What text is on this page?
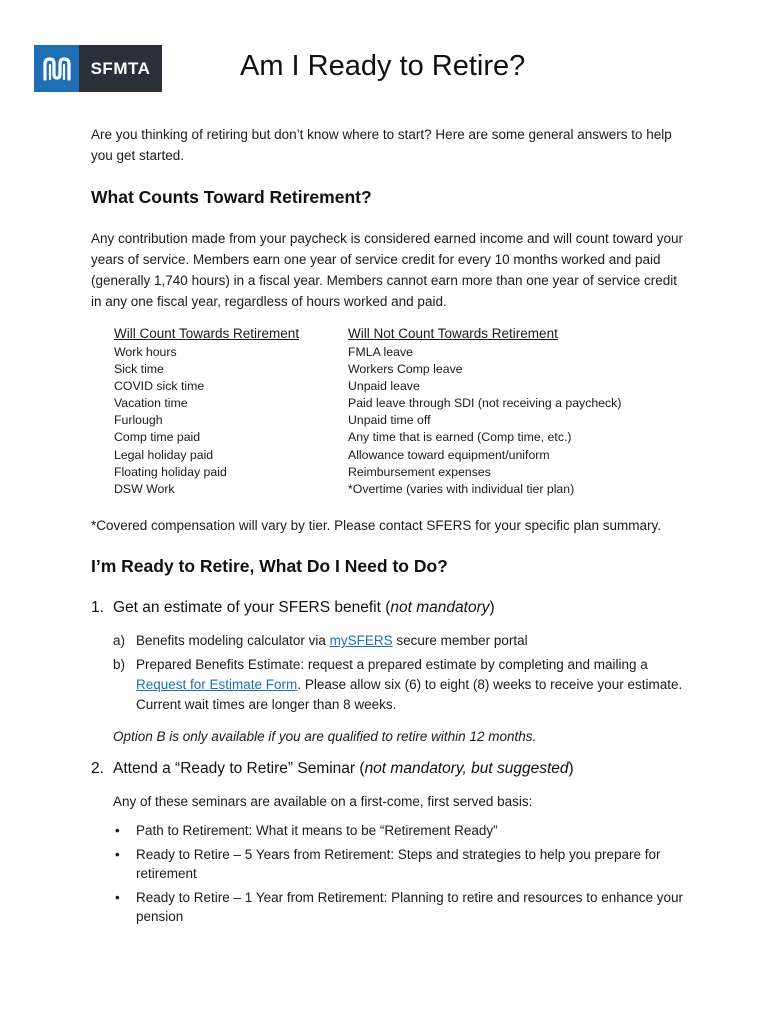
SFMTA	Am I Ready to Retire?

Are you thinking of retiring but don’t know where to start? Here are some general answers to help you get started.

What Counts Toward Retirement?

Any contribution made from your paycheck is considered earned income and will count toward your years of service. Members earn one year of service credit for every 10 months worked and paid (generally 1,740 hours) in a fiscal year. Members cannot earn more than one year of service credit in any one fiscal year, regardless of hours worked and paid.

Will Count Towards Retirement
Work hours
Sick time
COVID sick time
Vacation time
Furlough
Comp time paid
Legal holiday paid
Floating holiday paid
DSW Work
Will Not Count Towards Retirement
FMLA leave
Workers Comp leave
Unpaid leave
Paid leave through SDI (not receiving a paycheck)
Unpaid time off
Any time that is earned (Comp time, etc.)
Allowance toward equipment/uniform
Reimbursement expenses
*Overtime (varies with individual tier plan)

*Covered compensation will vary by tier. Please contact SFERS for your specific plan summary.

I’m Ready to Retire, What Do I Need to Do?
1. Get an estimate of your SFERS benefit (not mandatory)
a) Benefits modeling calculator via mySFERS secure member portal
b) Prepared Benefits Estimate: request a prepared estimate by completing and mailing a Request for Estimate Form. Please allow six (6) to eight (8) weeks to receive your estimate. Current wait times are longer than 8 weeks.

Option B is only available if you are qualified to retire within 12 months.

2. Attend a “Ready to Retire” Seminar (not mandatory, but suggested)

Any of these seminars are available on a first-come, first served basis:

• Path to Retirement: What it means to be “Retirement Ready”
• Ready to Retire – 5 Years from Retirement: Steps and strategies to help you prepare for retirement
• Ready to Retire – 1 Year from Retirement: Planning to retire and resources to enhance your pension
